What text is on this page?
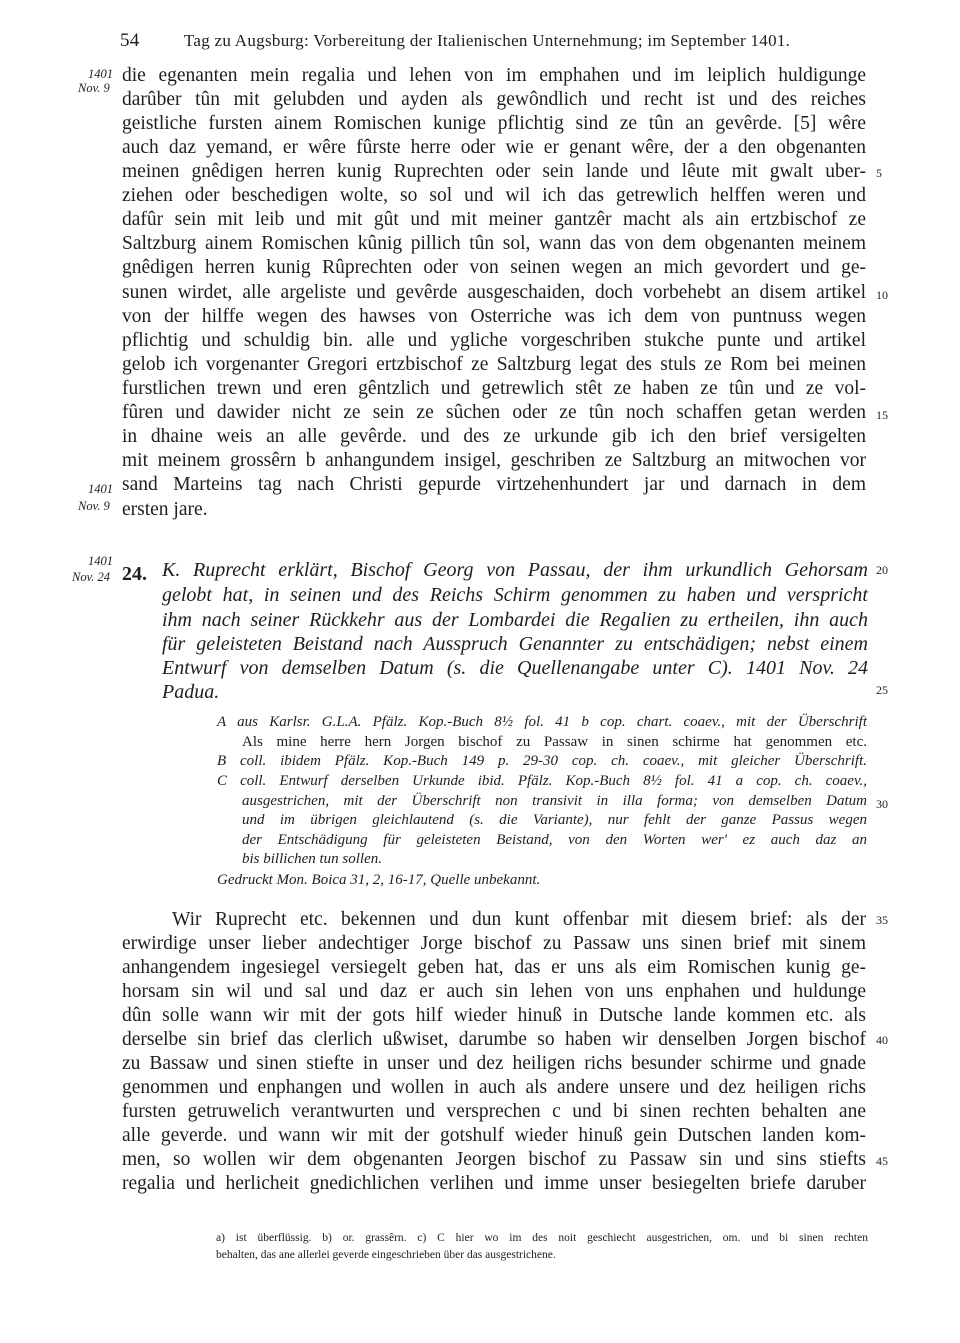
54	Tag zu Augsburg: Vorbereitung der Italienischen Unternehmung; im September 1401.
1401
Nov. 9
1401
Nov. 9
1401
Nov. 24
5
10
15
20
25
30
35
40
45
die egenanten mein regalia und lehen von im emphahen und im leiplich huldigunge
darûber tûn mit gelubden und ayden als gewôndlich und recht ist und des reiches
geistliche fursten ainem Romischen kunige pflichtig sind ze tûn an gevêrde. [5] wêre
auch daz yemand, er wêre fûrste herre oder wie er genant wêre, der a den obgenanten
meinen gnêdigen herren kunig Ruprechten oder sein lande und lêute mit gwalt uber-
ziehen oder beschedigen wolte, so sol und wil ich das getrewlich helffen weren und
dafûr sein mit leib und mit gût und mit meiner gantzêr macht als ain ertzbischof ze
Saltzburg ainem Romischen kûnig pillich tûn sol, wann das von dem obgenanten meinem
gnêdigen herren kunig Rûprechten oder von seinen wegen an mich gevordert und ge-
sunen wirdet, alle argeliste und gevêrde ausgeschaiden, doch vorbehebt an disem artikel
von der hilffe wegen des hawses von Osterriche was ich dem von puntnuss wegen
pflichtig und schuldig bin. alle und ygliche vorgeschriben stukche punte und artikel
gelob ich vorgenanter Gregori ertzbischof ze Saltzburg legat des stuls ze Rom bei meinen
furstlichen trewn und eren gêntzlich und getrewlich stêt ze haben ze tûn und ze vol-
fûren und dawider nicht ze sein ze sûchen oder ze tûn noch schaffen getan werden
in dhaine weis an alle gevêrde. und des ze urkunde gib ich den brief versigelten
mit meinem grossêrn b anhangundem insigel, geschriben ze Saltzburg an mitwochen vor
sand Marteins tag nach Christi gepurde virtzehenhundert jar und darnach in dem
ersten jare.
24. K. Ruprecht erklärt, Bischof Georg von Passau, der ihm urkundlich Gehorsam
gelobt hat, in seinen und des Reichs Schirm genommen zu haben und verspricht
ihm nach seiner Rückkehr aus der Lombardei die Regalien zu ertheilen, ihn auch
für geleisteten Beistand nach Ausspruch Genannter zu entschädigen; nebst einem
Entwurf von demselben Datum (s. die Quellenangabe unter C). 1401 Nov. 24
Padua.
A aus Karlsr. G.L.A. Pfälz. Kop.-Buch 8½ fol. 41 b cop. chart. coaev., mit der Überschrift
Als mine herre hern Jorgen bischof zu Passaw in sinen schirme hat genommen etc.
B coll. ibidem Pfälz. Kop.-Buch 149 p. 29-30 cop. ch. coaev., mit gleicher Überschrift.
C coll. Entwurf derselben Urkunde ibid. Pfälz. Kop.-Buch 8½ fol. 41 a cop. ch. coaev.,
ausgestrichen, mit der Überschrift non transivit in illa forma; von demselben Datum
und im übrigen gleichlautend (s. die Variante), nur fehlt der ganze Passus wegen
der Entschädigung für geleisteten Beistand, von den Worten wer' ez auch daz an
bis billichen tun sollen.
Gedruckt Mon. Boica 31, 2, 16-17, Quelle unbekannt.
Wir Ruprecht etc. bekennen und dun kunt offenbar mit diesem brief: als der
erwirdige unser lieber andechtiger Jorge bischof zu Passaw uns sinen brief mit sinem
anhangendem ingesiegel versiegelt geben hat, das er uns als eim Romischen kunig ge-
horsam sin wil und sal und daz er auch sin lehen von uns enphahen und huldunge
dûn solle wann wir mit der gots hilf wieder hinuß in Dutsche lande kommen etc. als
derselbe sin brief das clerlich ußwiset, darumbe so haben wir denselben Jorgen bischof
zu Bassaw und sinen stiefte in unser und dez heiligen richs besunder schirme und gnade
genommen und enphangen und wollen in auch als andere unsere und dez heiligen richs
fursten getruwelich verantwurten und versprechen c und bi sinen rechten behalten ane
alle geverde. und wann wir mit der gotshulf wieder hinuß gein Dutschen landen kom-
men, so wollen wir dem obgenanten Jeorgen bischof zu Passaw sin und sins stiefts
regalia und herlicheit gnedichlichen verlihen und imme unser besiegelten briefe daruber
a) ist überflüssig. b) or. grassêrn. c) C hier wo im des noit geschiecht ausgestrichen, om. und bi sinen rechten
behalten, das ane allerlei geverde eingeschrieben über das ausgestrichene.
